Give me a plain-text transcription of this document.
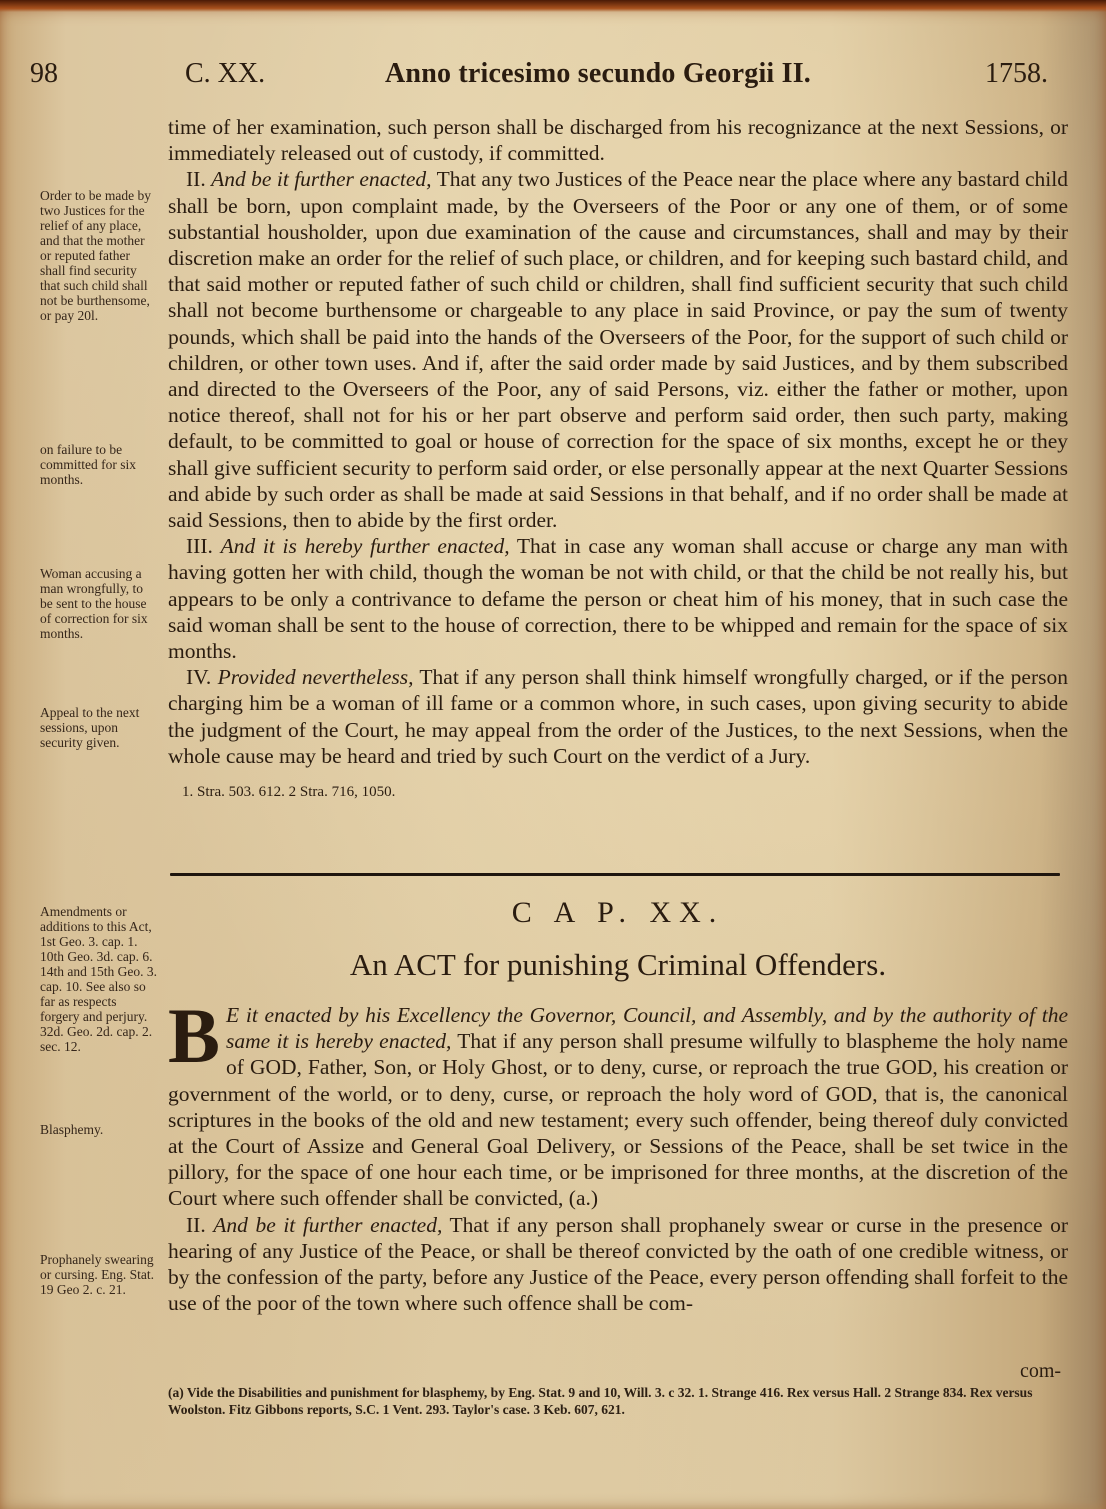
98	C. XX.	Anno tricesimo secundo Georgii II.	1758.

time of her examination, such person shall be discharged from his recognizance at the next Sessions, or immediately released out of custody, if committed.

II. And be it further enacted, That any two Justices of the Peace near the place where any bastard child shall be born, upon complaint made, by the Overseers of the Poor or any one of them, or of some substantial housholder, upon due examination of the cause and circumstances, shall and may by their discretion make an order for the relief of such place, or children, and for keeping such bastard child, and that said mother or reputed father of such child or children, shall find sufficient security that such child shall not become burthensome or chargeable to any place in said Province, or pay the sum of twenty pounds, which shall be paid into the hands of the Overseers of the Poor, for the support of such child or children, or other town uses. And if, after the said order made by said Justices, and by them subscribed and directed to the Overseers of the Poor, any of said Persons, viz. either the father or mother, upon notice thereof, shall not for his or her part observe and perform said order, then such party, making default, to be committed to goal or house of correction for the space of six months, except he or they shall give sufficient security to perform said order, or else personally appear at the next Quarter Sessions and abide by such order as shall be made at said Sessions in that behalf, and if no order shall be made at said Sessions, then to abide by the first order.

III. And it is hereby further enacted, That in case any woman shall accuse or charge any man with having gotten her with child, though the woman be not with child, or that the child be not really his, but appears to be only a contrivance to defame the person or cheat him of his money, that in such case the said woman shall be sent to the house of correction, there to be whipped and remain for the space of six months.

IV. Provided nevertheless, That if any person shall think himself wrongfully charged, or if the person charging him be a woman of ill fame or a common whore, in such cases, upon giving security to abide the judgment of the Court, he may appeal from the order of the Justices, to the next Sessions, when the whole cause may be heard and tried by such Court on the verdict of a Jury.

1. Stra. 503. 612. 2 Stra. 716, 1050.

Order to be made by two Justices for the relief of any place, and that the mother or reputed father shall find security that such child shall not be burthensome, or pay 20l.
on failure to be committed for six months.
Woman accusing a man wrongfully, to be sent to the house of correction for six months.
Appeal to the next sessions, upon security given.
Amendments or additions to this Act, 1st Geo. 3. cap. 1. 10th Geo. 3d. cap. 6. 14th and 15th Geo. 3. cap. 10. See also so far as respects forgery and perjury. 32d. Geo. 2d. cap. 2. sec. 12.
Blasphemy.
Prophanely swearing or cursing. Eng. Stat. 19 Geo 2. c. 21.
C A P. XX.
An ACT for punishing Criminal Offenders.

B E it enacted by his Excellency the Governor, Council, and Assembly, and by the authority of the same it is hereby enacted, That if any person shall presume wilfully to blaspheme the holy name of GOD, Father, Son, or Holy Ghost, or to deny, curse, or reproach the true GOD, his creation or government of the world, or to deny, curse, or reproach the holy word of GOD, that is, the canonical scriptures in the books of the old and new testament; every such offender, being thereof duly convicted at the Court of Assize and General Goal Delivery, or Sessions of the Peace, shall be set twice in the pillory, for the space of one hour each time, or be imprisoned for three months, at the discretion of the Court where such offender shall be convicted, (a.)

II. And be it further enacted, That if any person shall prophanely swear or curse in the presence or hearing of any Justice of the Peace, or shall be thereof convicted by the oath of one credible witness, or by the confession of the party, before any Justice of the Peace, every person offending shall forfeit to the use of the poor of the town where such offence shall be com-

com-
(a) Vide the Disabilities and punishment for blasphemy, by Eng. Stat. 9 and 10, Will. 3. c 32. 1. Strange 416. Rex versus Hall. 2 Strange 834. Rex versus Woolston. Fitz Gibbons reports, S.C. 1 Vent. 293. Taylor's case. 3 Keb. 607, 621.
